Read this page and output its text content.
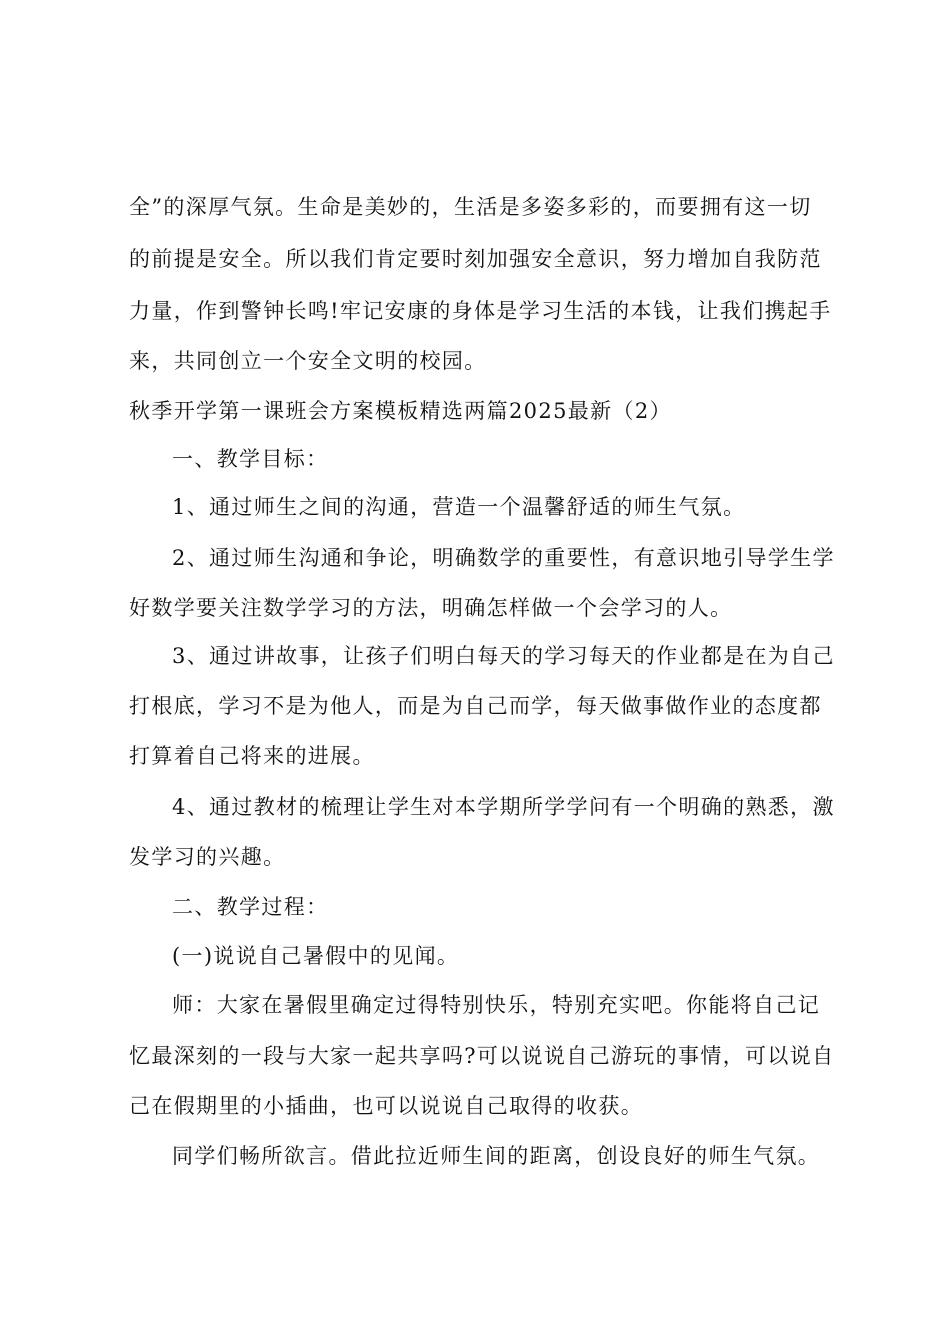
全”的深厚气氛。生命是美妙的，生活是多姿多彩的，而要拥有这一切
的前提是安全。所以我们肯定要时刻加强安全意识，努力增加自我防范
力量，作到警钟长鸣!牢记安康的身体是学习生活的本钱，让我们携起手
来，共同创立一个安全文明的校园。
秋季开学第一课班会方案模板精选两篇2025最新（2）
一、教学目标：
1、通过师生之间的沟通，营造一个温馨舒适的师生气氛。
2、通过师生沟通和争论，明确数学的重要性，有意识地引导学生学
好数学要关注数学学习的方法，明确怎样做一个会学习的人。
3、通过讲故事，让孩子们明白每天的学习每天的作业都是在为自己
打根底，学习不是为他人，而是为自己而学，每天做事做作业的态度都
打算着自己将来的进展。
4、通过教材的梳理让学生对本学期所学学问有一个明确的熟悉，激
发学习的兴趣。
二、教学过程：
(一)说说自己暑假中的见闻。
师：大家在暑假里确定过得特别快乐，特别充实吧。你能将自己记
忆最深刻的一段与大家一起共享吗?可以说说自己游玩的事情，可以说自
己在假期里的小插曲，也可以说说自己取得的收获。
同学们畅所欲言。借此拉近师生间的距离，创设良好的师生气氛。
